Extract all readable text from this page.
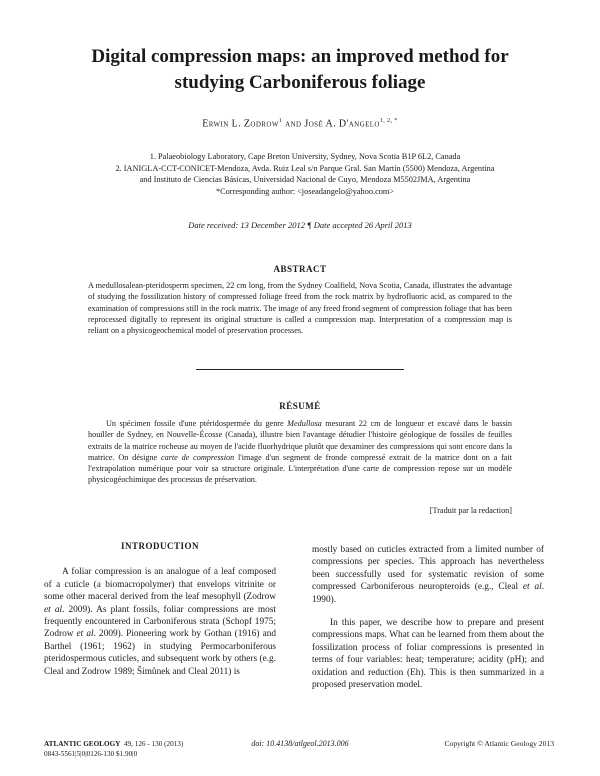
Digital compression maps: an improved method for studying Carboniferous foliage
Erwin L. Zodrow$^1$ and José A. D'angelo$^{1, 2, *}$
1. Palaeobiology Laboratory, Cape Breton University, Sydney, Nova Scotia B1P 6L2, Canada
2. IANIGLA-CCT-CONICET-Mendoza, Avda. Ruiz Leal s/n Parque Gral. San Martín (5500) Mendoza, Argentina
and Instituto de Ciencias Básicas, Universidad Nacional de Cuyo, Mendoza M5502JMA, Argentina
*Corresponding author: <joseadangelo@yahoo.com>
Date received: 13 December 2012 ¶ Date accepted 26 April 2013
ABSTRACT
A medullosalean-pteridosperm specimen, 22 cm long, from the Sydney Coalfield, Nova Scotia, Canada, illustrates the advantage of studying the fossilization history of compressed foliage freed from the rock matrix by hydrofluoric acid, as compared to the examination of compressions still in the rock matrix. The image of any freed frond segment of compression foliage that has been reprocessed digitally to represent its original structure is called a compression map. Interpretation of a compression map is reliant on a physicogeochemical model of preservation processes.
RÉSUMÉ
Un spécimen fossile d'une ptéridospermée du genre Medullosa mesurant 22 cm de longueur et excavé dans le bassin houiller de Sydney, en Nouvelle-Écosse (Canada), illustre bien l'avantage détudier l'histoire géologique de fossiles de feuilles extraits de la matrice rocheuse au moyen de l'acide fluorhydrique plutôt que dexaminer des compressions qui sont encore dans la matrice. On désigne carte de compression l'image d'un segment de fronde compressé extrait de la matrice dont on a fait l'extrapolation numérique pour voir sa structure originale. L'interprétation d'une carte de compression repose sur un modèle physicogéochimique des processus de préservation.
[Traduit par la redaction]

INTRODUCTION

A foliar compression is an analogue of a leaf composed of a cuticle (a biomacropolymer) that envelops vitrinite or some other maceral derived from the leaf mesophyll (Zodrow et al. 2009). As plant fossils, foliar compressions are most frequently encountered in Carboniferous strata (Schopf 1975; Zodrow et al. 2009). Pioneering work by Gothan (1916) and Barthel (1961; 1962) in studying Permocarboniferous pteridospermous cuticles, and subsequent work by others (e.g. Cleal and Zodrow 1989; Šimůnek and Cleal 2011) is

mostly based on cuticles extracted from a limited number of compressions per species. This approach has nevertheless been successfully used for systematic revision of some compressed Carboniferous neuropteroids (e.g., Cleal et al. 1990).

In this paper, we describe how to prepare and present compressions maps. What can be learned from them about the fossilization process of foliar compressions is presented in terms of four variables: heat; temperature; acidity (pH); and oxidation and reduction (Eh). This is then summarized in a proposed preservation model.

ATLANTIC GEOLOGY 49, 126 - 130 (2013)
0843-5561|5|0|0126-130 $1.90|0
doi: 10.4138/atlgeol.2013.006	Copyright © Atlantic Geology 2013
